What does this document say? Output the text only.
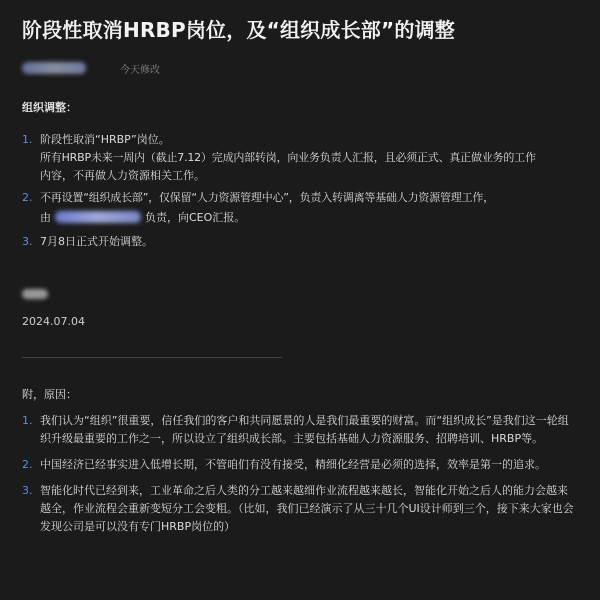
阶段性取消HRBP岗位，及“组织成长部”的调整
今天修改
组织调整：
1. 阶段性取消“HRBP”岗位。
所有HRBP未来一周内（截止7.12）完成内部转岗，向业务负责人汇报，且必须正式、真正做业务的工作
内容，不再做人力资源相关工作。
2. 不再设置“组织成长部”，仅保留“人力资源管理中心”，负责入转调离等基础人力资源管理工作，
由	负责，向CEO汇报。
3. 7月8日正式开始调整。
2024.07.04
附，原因：
1. 我们认为“组织”很重要，信任我们的客户和共同愿景的人是我们最重要的财富。而“组织成长”是我们这一轮组织升级最重要的工作之一，所以设立了组织成长部。主要包括基础人力资源服务、招聘培训、HRBP等。
2. 中国经济已经事实进入低增长期，不管咱们有没有接受，精细化经营是必须的选择，效率是第一的追求。
3. 智能化时代已经到来，工业革命之后人类的分工越来越细作业流程越来越长，智能化开始之后人的能力会越来越全，作业流程会重新变短分工会变粗。（比如，我们已经演示了从三十几个UI设计师到三个，接下来大家也会发现公司是可以没有专门HRBP岗位的）
